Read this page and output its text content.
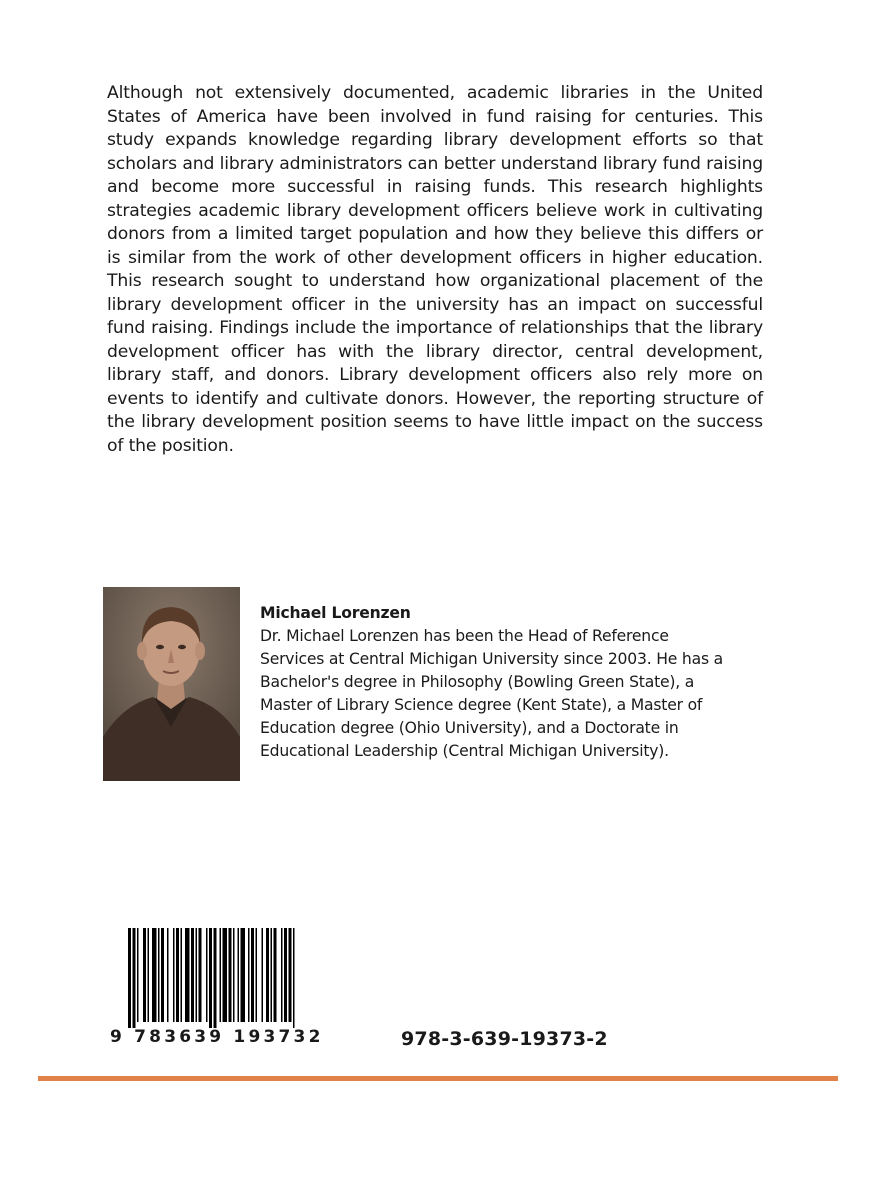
Although not extensively documented, academic libraries in the United States of America have been involved in fund raising for centuries. This study expands knowledge regarding library development efforts so that scholars and library administrators can better understand library fund raising and become more successful in raising funds. This research highlights strategies academic library development officers believe work in cultivating donors from a limited target population and how they believe this differs or is similar from the work of other development officers in higher education. This research sought to understand how organizational placement of the library development officer in the university has an impact on successful fund raising. Findings include the importance of relationships that the library development officer has with the library director, central development, library staff, and donors. Library development officers also rely more on events to identify and cultivate donors. However, the reporting structure of the library development position seems to have little impact on the success of the position.

Michael Lorenzen

Dr. Michael Lorenzen has been the Head of Reference Services at Central Michigan University since 2003. He has a Bachelor's degree in Philosophy (Bowling Green State), a Master of Library Science degree (Kent State), a Master of Education degree (Ohio University), and a Doctorate in Educational Leadership (Central Michigan University).

9 783639 193732	978-3-639-19373-2
